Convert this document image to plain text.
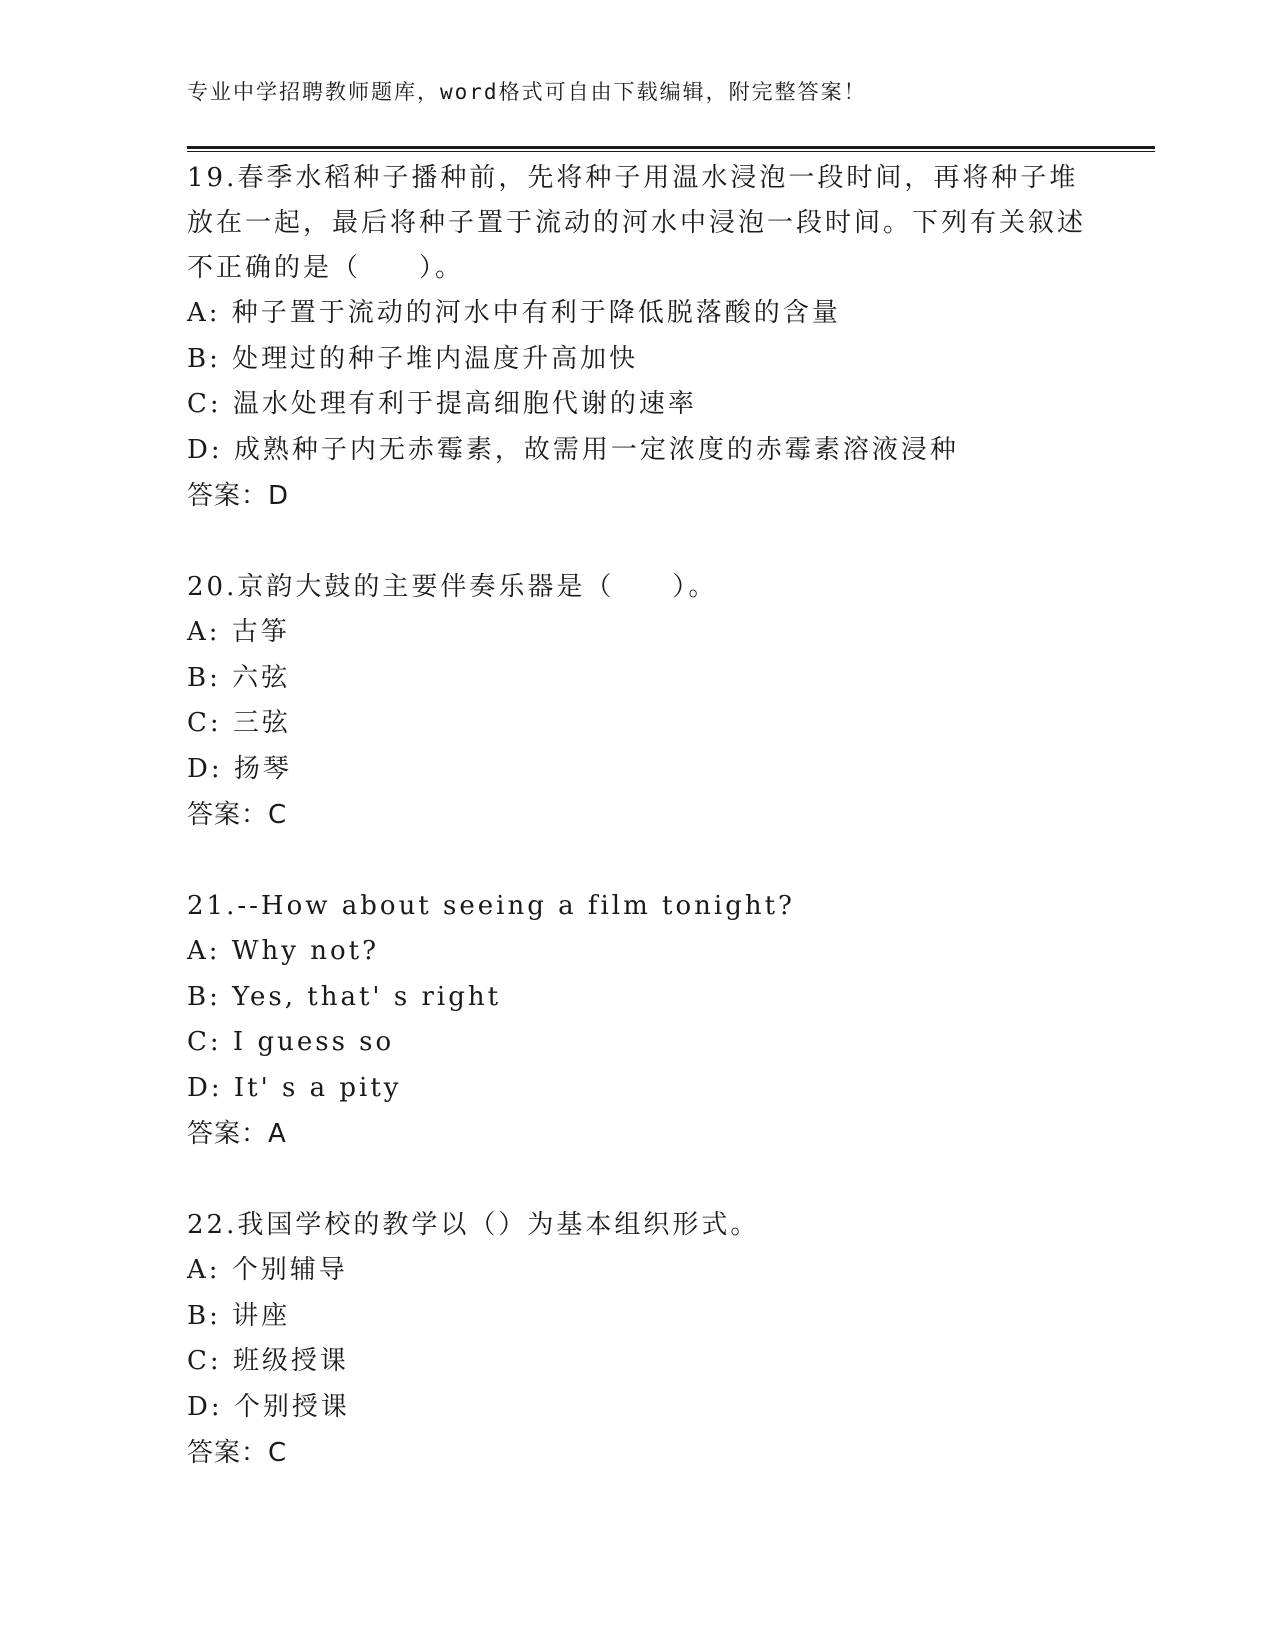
专业中学招聘教师题库，word格式可自由下载编辑，附完整答案！
19.春季水稻种子播种前，先将种子用温水浸泡一段时间，再将种子堆放在一起，最后将种子置于流动的河水中浸泡一段时间。下列有关叙述不正确的是（　　）。
A: 种子置于流动的河水中有利于降低脱落酸的含量
B: 处理过的种子堆内温度升高加快
C: 温水处理有利于提高细胞代谢的速率
D: 成熟种子内无赤霉素，故需用一定浓度的赤霉素溶液浸种
答案：D
20.京韵大鼓的主要伴奏乐器是（　　）。
A: 古筝
B: 六弦
C: 三弦
D: 扬琴
答案：C
21.--How about seeing a film tonight?
A: Why not?
B: Yes, that' s right
C: I guess so
D: It' s a pity
答案：A
22.我国学校的教学以（）为基本组织形式。
A: 个别辅导
B: 讲座
C: 班级授课
D: 个别授课
答案：C
